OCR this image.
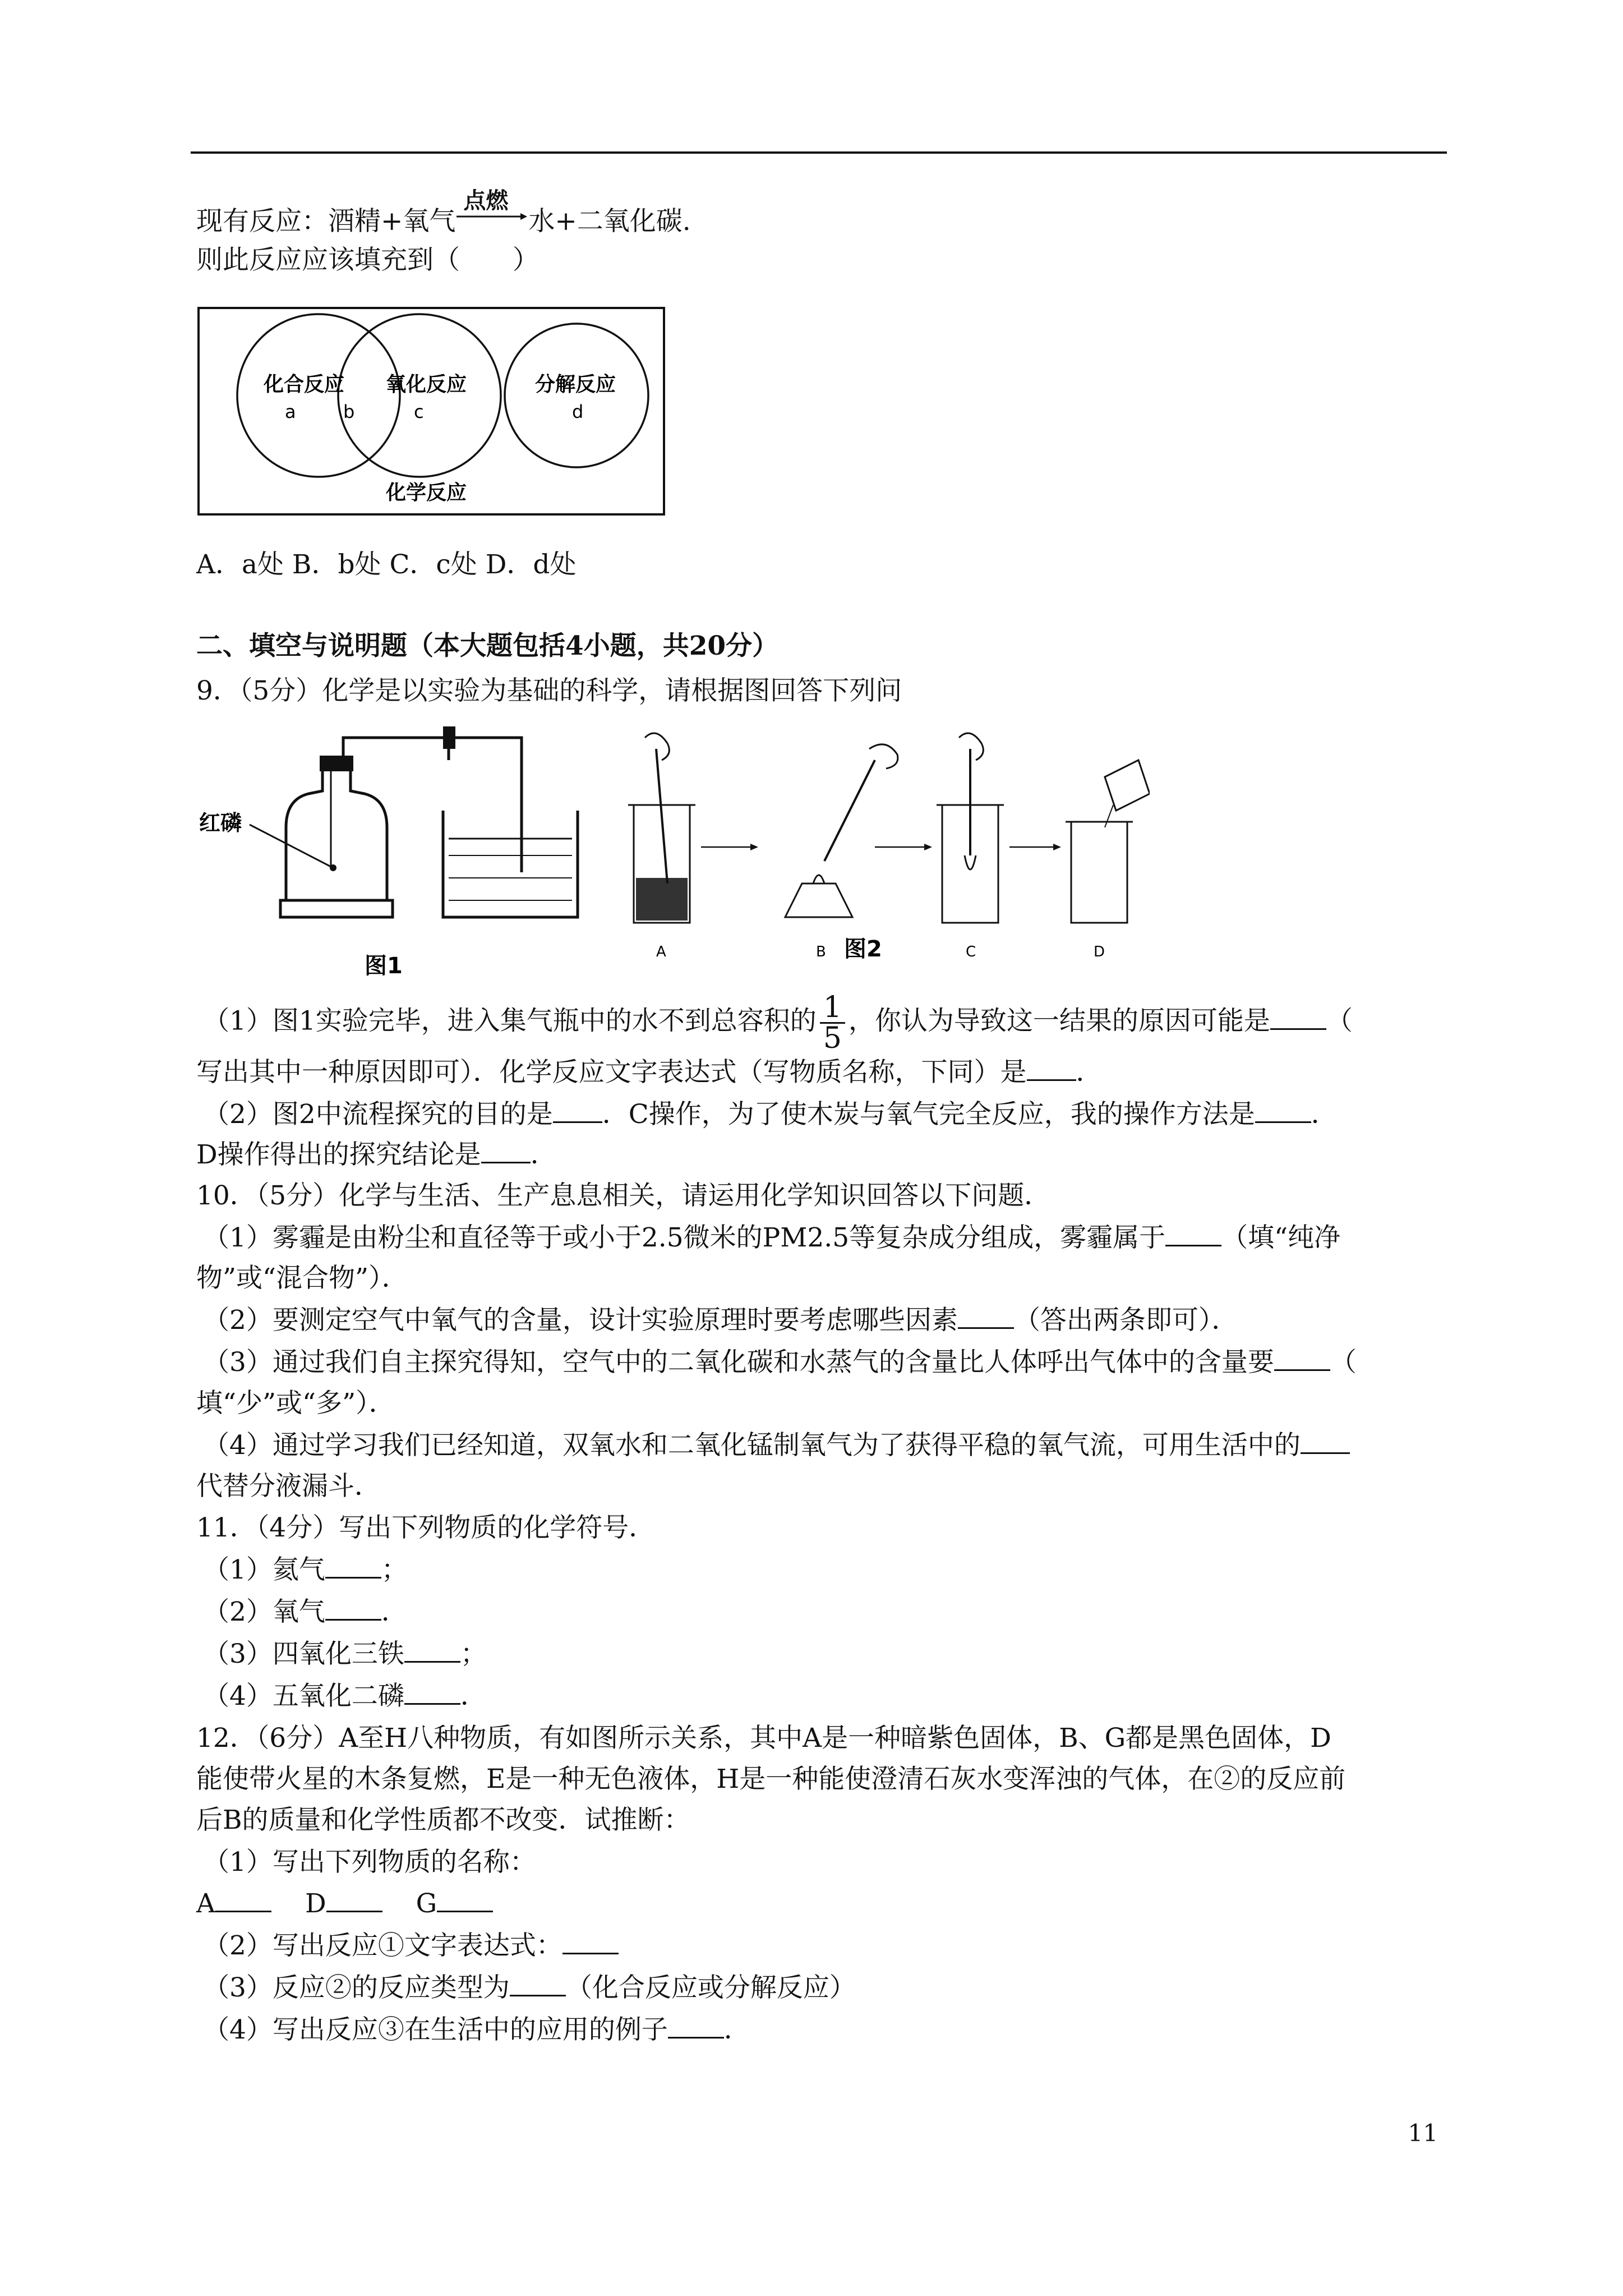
现有反应：酒精+氧气
点燃
水+二氧化碳.
则此反应应该填充到（　　）
化合反应
a	b
氧化反应
c
分解反应
d
化学反应
A．a处 B．b处 C．c处 D．d处
二、填空与说明题（本大题包括4小题，共20分）
9．（5分）化学是以实验为基础的科学，请根据图回答下列问
红磷
图1
A	B	C	D
图2
（1）图1实验完毕，进入集气瓶中的水不到总容积的 $\frac{1}{5}$ ，你认为导致这一结果的原因可能是 （
写出其中一种原因即可）．化学反应文字表达式（写物质名称，下同）是 ．
（2）图2中流程探究的目的是 ．C操作，为了使木炭与氧气完全反应，我的操作方法是 ．
D操作得出的探究结论是 ．
10．（5分）化学与生活、生产息息相关，请运用化学知识回答以下问题．
（1）雾霾是由粉尘和直径等于或小于2.5微米的PM2.5等复杂成分组成，雾霾属于 （填“纯净
物”或“混合物”）．
（2）要测定空气中氧气的含量，设计实验原理时要考虑哪些因素 （答出两条即可）．
（3）通过我们自主探究得知，空气中的二氧化碳和水蒸气的含量比人体呼出气体中的含量要 （
填“少”或“多”）．
（4）通过学习我们已经知道，双氧水和二氧化锰制氧气为了获得平稳的氧气流，可用生活中的
代替分液漏斗．
11．（4分）写出下列物质的化学符号．
（1）氦气 ；
（2）氧气 ．
（3）四氧化三铁 ；
（4）五氧化二磷 ．
12．（6分）A至H八种物质，有如图所示关系，其中A是一种暗紫色固体，B、G都是黑色固体，D
能使带火星的木条复燃，E是一种无色液体，H是一种能使澄清石灰水变浑浊的气体，在②的反应前
后B的质量和化学性质都不改变．试推断：
（1）写出下列物质的名称：
A	D	G
（2）写出反应①文字表达式：
（3）反应②的反应类型为 （化合反应或分解反应）
（4）写出反应③在生活中的应用的例子 ．
11
